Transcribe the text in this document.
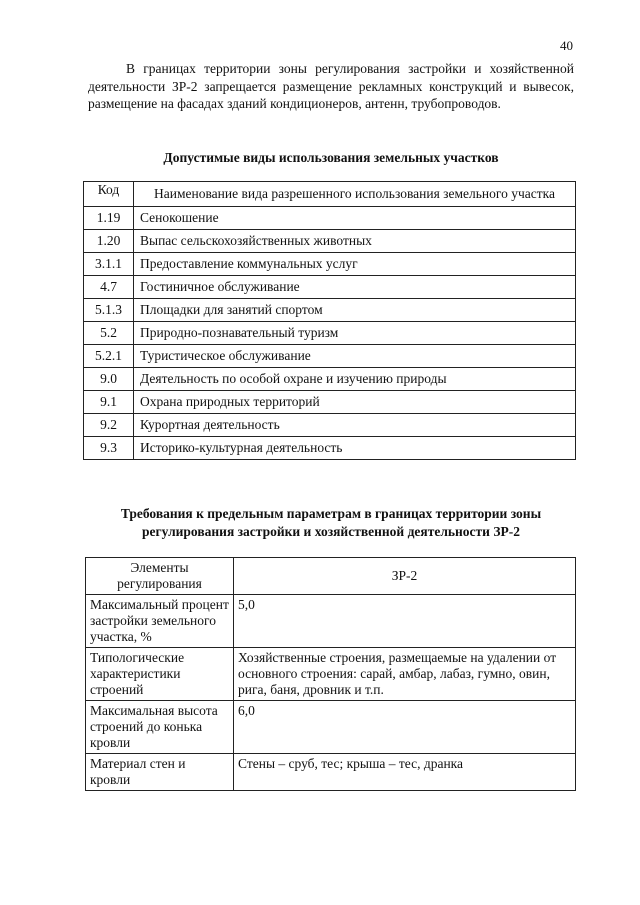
40

В границах территории зоны регулирования застройки и хозяйственной деятельности ЗР-2 запрещается размещение рекламных конструкций и вывесок, размещение на фасадах зданий кондиционеров, антенн, трубопроводов.

Допустимые виды использования земельных участков

Код	Наименование вида разрешенного использования земельного участка
1.19	Сенокошение
1.20	Выпас сельскохозяйственных животных
3.1.1	Предоставление коммунальных услуг
4.7	Гостиничное обслуживание
5.1.3	Площадки для занятий спортом
5.2	Природно-познавательный туризм
5.2.1	Туристическое обслуживание
9.0	Деятельность по особой охране и изучению природы
9.1	Охрана природных территорий
9.2	Курортная деятельность
9.3	Историко-культурная деятельность

Требования к предельным параметрам в границах территории зоны регулирования застройки и хозяйственной деятельности ЗР-2

Элементы регулирования	ЗР-2
Максимальный процент застройки земельного участка, %	5,0
Типологические характеристики строений	Хозяйственные строения, размещаемые на удалении от основного строения: сарай, амбар, лабаз, гумно, овин, рига, баня, дровник и т.п.
Максимальная высота строений до конька кровли	6,0
Материал стен и кровли	Стены – сруб, тес; крыша – тес, дранка
